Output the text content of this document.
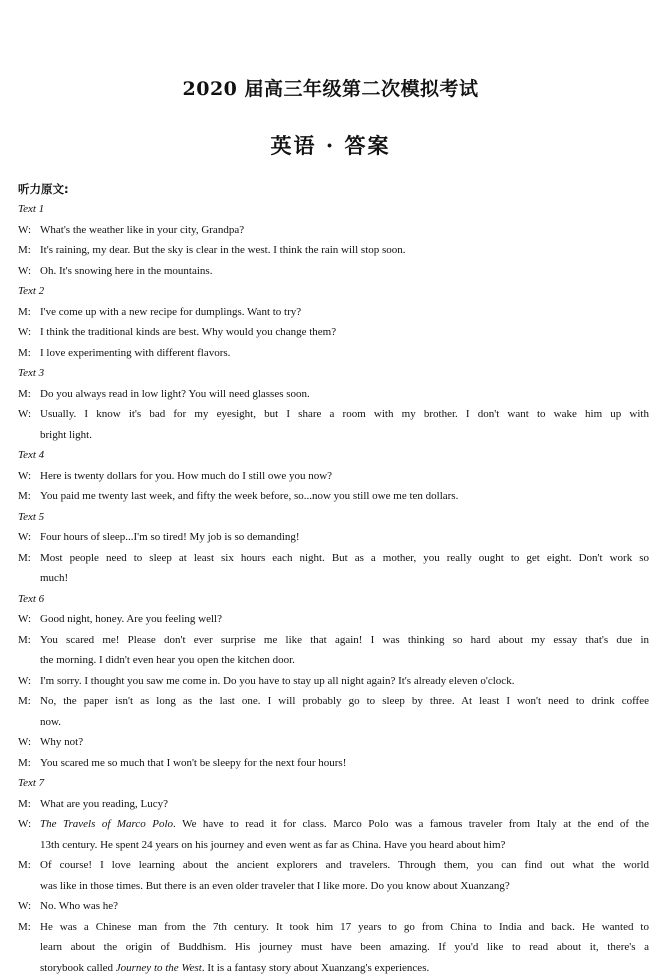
2020 届高三年级第二次模拟考试
英语 · 答案
听力原文:
Text 1
W: What's the weather like in your city, Grandpa?
M: It's raining, my dear. But the sky is clear in the west. I think the rain will stop soon.
W: Oh. It's snowing here in the mountains.
Text 2
M: I've come up with a new recipe for dumplings. Want to try?
W: I think the traditional kinds are best. Why would you change them?
M: I love experimenting with different flavors.
Text 3
M: Do you always read in low light? You will need glasses soon.
W: Usually. I know it's bad for my eyesight, but I share a room with my brother. I don't want to wake him up with
bright light.
Text 4
W: Here is twenty dollars for you. How much do I still owe you now?
M: You paid me twenty last week, and fifty the week before, so...now you still owe me ten dollars.
Text 5
W: Four hours of sleep...I'm so tired! My job is so demanding!
M: Most people need to sleep at least six hours each night. But as a mother, you really ought to get eight. Don't work so
much!
Text 6
W: Good night, honey. Are you feeling well?
M: You scared me! Please don't ever surprise me like that again! I was thinking so hard about my essay that's due in
the morning. I didn't even hear you open the kitchen door.
W: I'm sorry. I thought you saw me come in. Do you have to stay up all night again? It's already eleven o'clock.
M: No, the paper isn't as long as the last one. I will probably go to sleep by three. At least I won't need to drink coffee
now.
W: Why not?
M: You scared me so much that I won't be sleepy for the next four hours!
Text 7
M: What are you reading, Lucy?
W: The Travels of Marco Polo. We have to read it for class. Marco Polo was a famous traveler from Italy at the end of the
13th century. He spent 24 years on his journey and even went as far as China. Have you heard about him?
M: Of course! I love learning about the ancient explorers and travelers. Through them, you can find out what the world
was like in those times. But there is an even older traveler that I like more. Do you know about Xuanzang?
W: No. Who was he?
M: He was a Chinese man from the 7th century. It took him 17 years to go from China to India and back. He wanted to
learn about the origin of Buddhism. His journey must have been amazing. If you'd like to read about it, there's a
storybook called Journey to the West. It is a fantasy story about Xuanzang's experiences.
